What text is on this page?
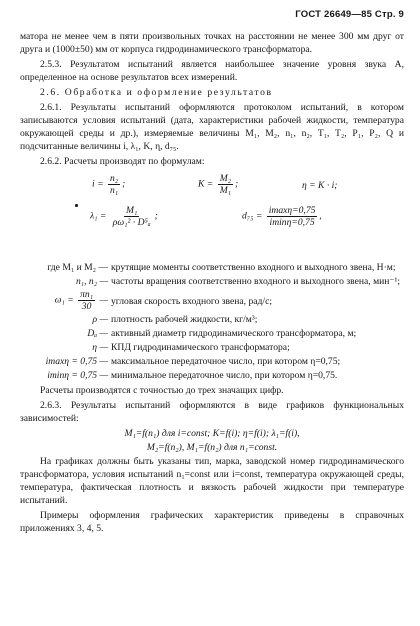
ГОСТ 26649—85 Стр. 9

матора не менее чем в пяти произвольных точках на расстоянии не менее 300 мм друг от друга и (1000±50) мм от корпуса гидродинамического трансформатора.

2.5.3. Результатом испытаний является наибольшее значение уровня звука A, определенное на основе результатов всех измерений.

2.6. Обработка и оформление результатов

2.6.1. Результаты испытаний оформляются протоколом испытаний, в котором записываются условия испытаний (дата, характеристики рабочей жидкости, температура окружающей среды и др.), измеряемые величины M₁, M₂, n₁, n₂, T₁, T₂, P₁, P₂, Q и подсчитанные величины i, λ₁, K, η, d₇₅.

2.6.2. Расчеты производят по формулам:

$i = \frac{\text{n₂}}{\text{n₁}}$ ;	$K = \frac{\text{M₂}}{\text{M₁}}$ ;	η = K · i;
$\lambda_1 = \frac{\text{M₁}}{\text{ρω₁² · D⁵ₐ}}$ ;	$d_{75} = \frac{imax\eta=0,75}{imin\eta=0,75}$ ,
где M₁ и M₂ — крутящие моменты соответственно входного и выходного звена, Н·м;
n₁, n₂ — частоты вращения соответственно входного и выходного звена, мин⁻¹;
$\omega_1 = \frac{\text{πn₁}}{30}$ — угловая скорость входного звена, рад/с;
ρ — плотность рабочей жидкости, кг/м³;
Dₐ — активный диаметр гидродинамического трансформатора, м;
η — КПД гидродинамического трансформатора;
imaxη = 0,75 — максимальное передаточное число, при котором η=0,75;
iminη = 0,75 — минимальное передаточное число, при котором η=0,75.

Расчеты производятся с точностью до трех значащих цифр.

2.6.3. Результаты испытаний оформляются в виде графиков функциональных зависимостей:

M₁=f(n₁) для i=const; K=f(i); η=f(i); λ₁=f(i),

M₂=f(n₂), M₁=f(n₂) для n₁=const.

На графиках должны быть указаны тип, марка, заводской номер гидродинамического трансформатора, условия испытаний n₁=const или i=const, температура окружающей среды, температура, фактическая плотность и вязкость рабочей жидкости при температуре испытаний.

Примеры оформления графических характеристик приведены в справочных приложениях 3, 4, 5.
